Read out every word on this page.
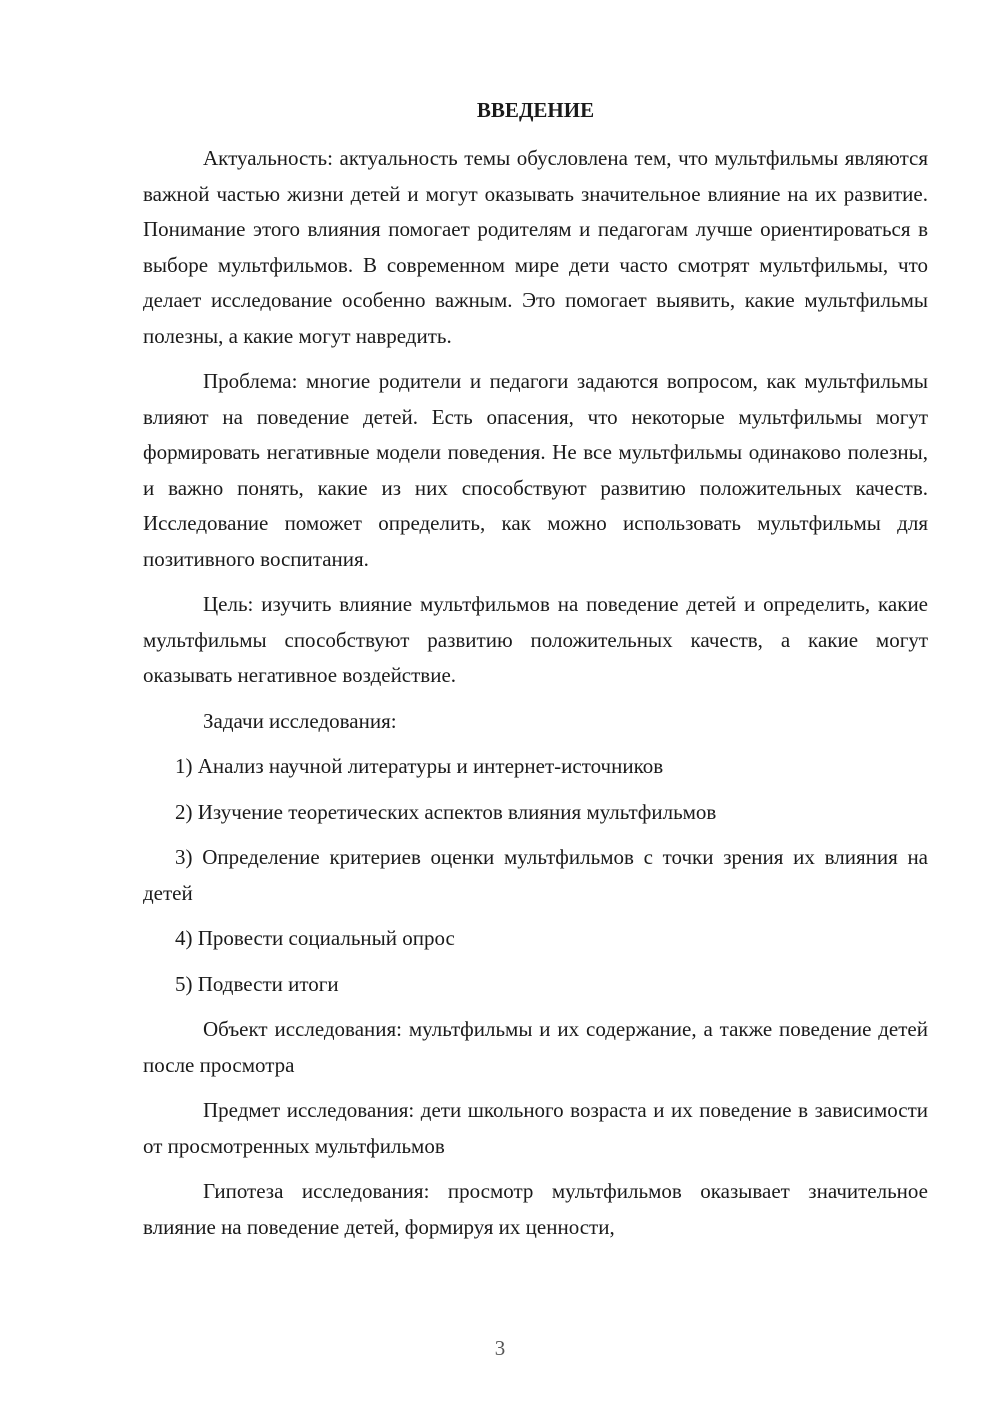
ВВЕДЕНИЕ

Актуальность: актуальность темы обусловлена тем, что мультфильмы являются важной частью жизни детей и могут оказывать значительное влияние на их развитие. Понимание этого влияния помогает родителям и педагогам лучше ориентироваться в выборе мультфильмов. В современном мире дети часто смотрят мультфильмы, что делает исследование особенно важным. Это помогает выявить, какие мультфильмы полезны, а какие могут навредить.

Проблема: многие родители и педагоги задаются вопросом, как мультфильмы влияют на поведение детей. Есть опасения, что некоторые мультфильмы могут формировать негативные модели поведения. Не все мультфильмы одинаково полезны, и важно понять, какие из них способствуют развитию положительных качеств. Исследование поможет определить, как можно использовать мультфильмы для позитивного воспитания.

Цель: изучить влияние мультфильмов на поведение детей и определить, какие мультфильмы способствуют развитию положительных качеств, а какие могут оказывать негативное воздействие.

Задачи исследования:

1) Анализ научной литературы и интернет-источников

2) Изучение теоретических аспектов влияния мультфильмов

3) Определение критериев оценки мультфильмов с точки зрения их влияния на детей

4) Провести социальный опрос

5) Подвести итоги

Объект исследования: мультфильмы и их содержание, а также поведение детей после просмотра

Предмет исследования: дети школьного возраста и их поведение в зависимости от просмотренных мультфильмов

Гипотеза исследования: просмотр мультфильмов оказывает значительное влияние на поведение детей, формируя их ценности,

3
